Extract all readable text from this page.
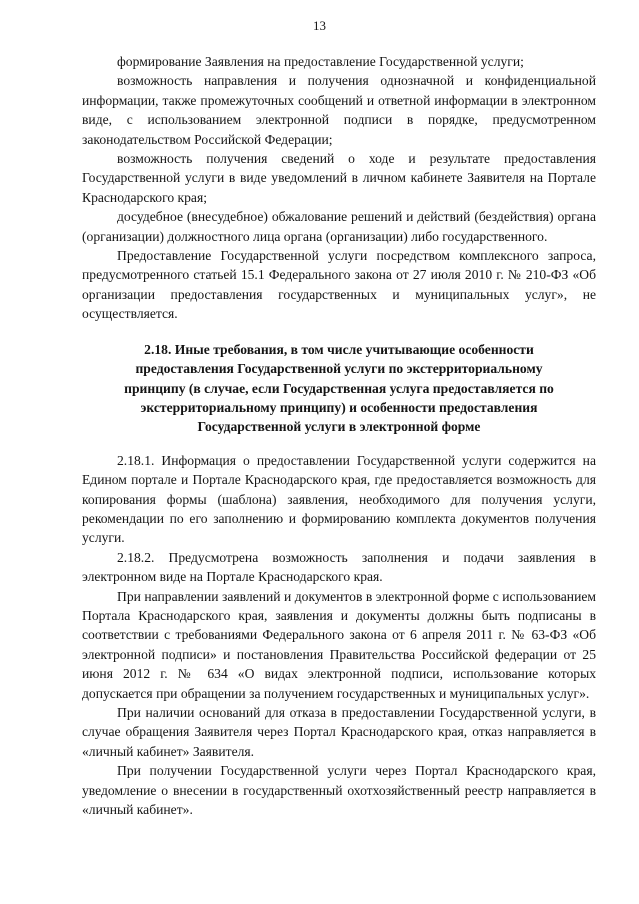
13

формирование Заявления на предоставление Государственной услуги;

возможность направления и получения однозначной и конфиденциальной информации, также промежуточных сообщений и ответной информации в электронном виде, с использованием электронной подписи в порядке, предусмотренном законодательством Российской Федерации;

возможность получения сведений о ходе и результате предоставления Государственной услуги в виде уведомлений в личном кабинете Заявителя на Портале Краснодарского края;

досудебное (внесудебное) обжалование решений и действий (бездействия) органа (организации) должностного лица органа (организации) либо государственного.

Предоставление Государственной услуги посредством комплексного запроса, предусмотренного статьей 15.1 Федерального закона от 27 июля 2010 г. № 210-ФЗ «Об организации предоставления государственных и муниципальных услуг», не осуществляется.

2.18. Иные требования, в том числе учитывающие особенности предоставления Государственной услуги по экстерриториальному принципу (в случае, если Государственная услуга предоставляется по экстерриториальному принципу) и особенности предоставления Государственной услуги в электронной форме

2.18.1. Информация о предоставлении Государственной услуги содержится на Едином портале и Портале Краснодарского края, где предоставляется возможность для копирования формы (шаблона) заявления, необходимого для получения услуги, рекомендации по его заполнению и формированию комплекта документов получения услуги.

2.18.2. Предусмотрена возможность заполнения и подачи заявления в электронном виде на Портале Краснодарского края.

При направлении заявлений и документов в электронной форме с использованием Портала Краснодарского края, заявления и документы должны быть подписаны в соответствии с требованиями Федерального закона от 6 апреля 2011 г. № 63-ФЗ «Об электронной подписи» и постановления Правительства Российской федерации от 25 июня 2012 г. № 634 «О видах электронной подписи, использование которых допускается при обращении за получением государственных и муниципальных услуг».

При наличии оснований для отказа в предоставлении Государственной услуги, в случае обращения Заявителя через Портал Краснодарского края, отказ направляется в «личный кабинет» Заявителя.

При получении Государственной услуги через Портал Краснодарского края, уведомление о внесении в государственный охотхозяйственный реестр направляется в «личный кабинет».
